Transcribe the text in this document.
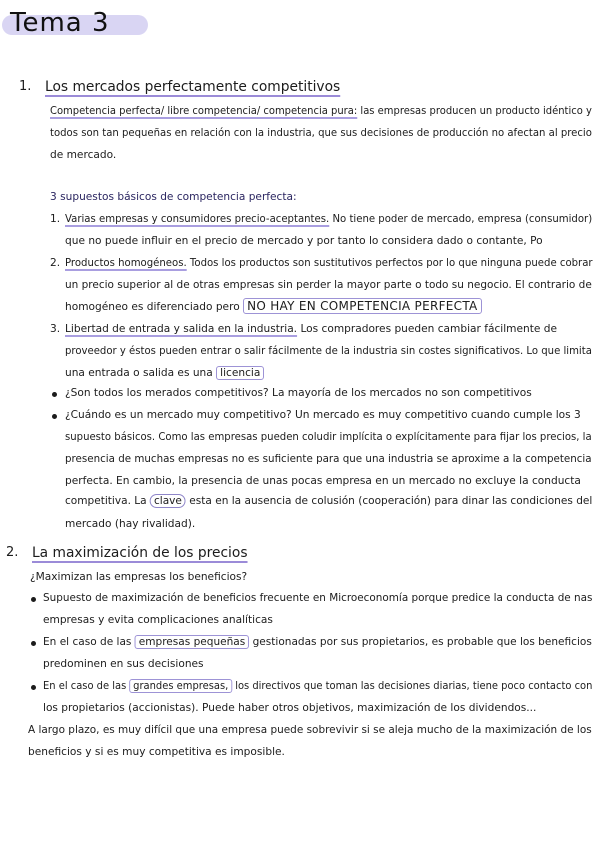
Tema 3
1. Los mercados perfectamente competitivos
Competencia perfecta/ libre competencia/ competencia pura: las empresas producen un producto idéntico y
todos son tan pequeñas en relación con la industria, que sus decisiones de producción no afectan al precio
de mercado.
3 supuestos básicos de competencia perfecta:
1. Varias empresas y consumidores precio-aceptantes. No tiene poder de mercado, empresa (consumidor)
que no puede influir en el precio de mercado y por tanto lo considera dado o contante, Po
2. Productos homogéneos. Todos los productos son sustitutivos perfectos por lo que ninguna puede cobrar
un precio superior al de otras empresas sin perder la mayor parte o todo su negocio. El contrario de
homogéneo es diferenciado pero NO HAY EN COMPETENCIA PERFECTA
3. Libertad de entrada y salida en la industria. Los compradores pueden cambiar fácilmente de
proveedor y éstos pueden entrar o salir fácilmente de la industria sin costes significativos. Lo que limita
una entrada o salida es una licencia
¿Son todos los merados competitivos? La mayoría de los mercados no son competitivos
¿Cuándo es un mercado muy competitivo? Un mercado es muy competitivo cuando cumple los 3
supuesto básicos. Como las empresas pueden coludir implícita o explícitamente para fijar los precios, la
presencia de muchas empresas no es suficiente para que una industria se aproxime a la competencia
perfecta. En cambio, la presencia de unas pocas empresa en un mercado no excluye la conducta
competitiva. La clave esta en la ausencia de colusión (cooperación) para dinar las condiciones del
mercado (hay rivalidad).
2. La maximización de los precios
¿Maximizan las empresas los beneficios?
Supuesto de maximización de beneficios frecuente en Microeconomía porque predice la conducta de nas
empresas y evita complicaciones analíticas
En el caso de las empresas pequeñas gestionadas por sus propietarios, es probable que los beneficios
predominen en sus decisiones
En el caso de las grandes empresas, los directivos que toman las decisiones diarias, tiene poco contacto con
los propietarios (accionistas). Puede haber otros objetivos, maximización de los dividendos...
A largo plazo, es muy difícil que una empresa puede sobrevivir si se aleja mucho de la maximización de los
beneficios y si es muy competitiva es imposible.
